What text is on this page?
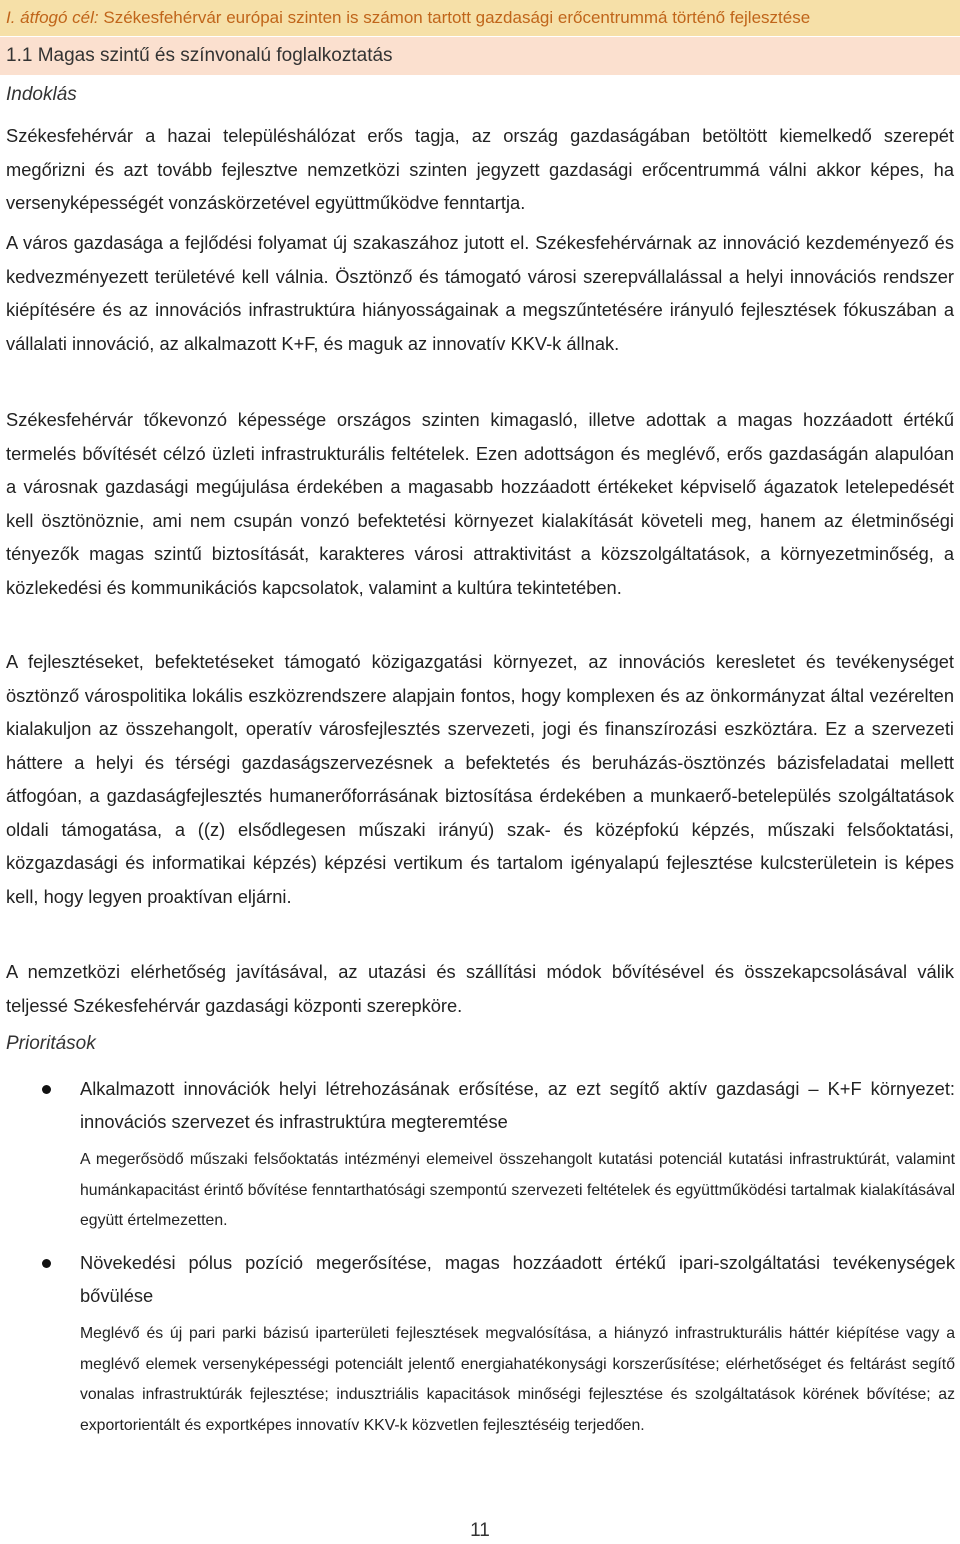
I. átfogó cél:
Székesfehérvár európai szinten is számon tartott gazdasági erőcentrummá történő fejlesztése
1.1 Magas szintű és színvonalú foglalkoztatás
Indoklás

Székesfehérvár a hazai településhálózat erős tagja, az ország gazdaságában betöltött kiemelkedő szerepét megőrizni és azt tovább fejlesztve nemzetközi szinten jegyzett gazdasági erőcentrummá válni akkor képes, ha versenyképességét vonzáskörzetével együttműködve fenntartja.

A város gazdasága a fejlődési folyamat új szakaszához jutott el. Székesfehérvárnak az innováció kezdeményező és kedvezményezett területévé kell válnia. Ösztönző és támogató városi szerepvállalással a helyi innovációs rendszer kiépítésére és az innovációs infrastruktúra hiányosságainak a megszűntetésére irányuló fejlesztések fókuszában a vállalati innováció, az alkalmazott K+F, és maguk az innovatív KKV-k állnak.

Székesfehérvár tőkevonzó képessége országos szinten kimagasló, illetve adottak a magas hozzáadott értékű termelés bővítését célzó üzleti infrastrukturális feltételek. Ezen adottságon és meglévő, erős gazdaságán alapulóan a városnak gazdasági megújulása érdekében a magasabb hozzáadott értékeket képviselő ágazatok letelepedését kell ösztönöznie, ami nem csupán vonzó befektetési környezet kialakítását követeli meg, hanem az életminőségi tényezők magas szintű biztosítását, karakteres városi attraktivitást a közszolgáltatások, a környezetminőség, a közlekedési és kommunikációs kapcsolatok, valamint a kultúra tekintetében.

A fejlesztéseket, befektetéseket támogató közigazgatási környezet, az innovációs keresletet és tevékenységet ösztönző várospolitika lokális eszközrendszere alapjain fontos, hogy komplexen és az önkormányzat által vezérelten kialakuljon az összehangolt, operatív városfejlesztés szervezeti, jogi és finanszírozási eszköztára. Ez a szervezeti háttere a helyi és térségi gazdaságszervezésnek a befektetés és beruházás-ösztönzés bázisfeladatai mellett átfogóan, a gazdaságfejlesztés humanerőforrásának biztosítása érdekében a munkaerő-betelepülés szolgáltatások oldali támogatása, a ((z) elsődlegesen műszaki irányú) szak- és középfokú képzés, műszaki felsőoktatási, közgazdasági és informatikai képzés) képzési vertikum és tartalom igényalapú fejlesztése kulcsterületein is képes kell, hogy legyen proaktívan eljárni.

A nemzetközi elérhetőség javításával, az utazási és szállítási módok bővítésével és összekapcsolásával válik teljessé Székesfehérvár gazdasági központi szerepköre.

Prioritások

Alkalmazott innovációk helyi létrehozásának erősítése, az ezt segítő aktív gazdasági – K+F környezet: innovációs szervezet és infrastruktúra megteremtése

A megerősödő műszaki felsőoktatás intézményi elemeivel összehangolt kutatási potenciál kutatási infrastruktúrát, valamint humánkapacitást érintő bővítése fenntarthatósági szempontú szervezeti feltételek és együttműködési tartalmak kialakításával együtt értelmezetten.

Növekedési pólus pozíció megerősítése, magas hozzáadott értékű ipari-szolgáltatási tevékenységek bővülése

Meglévő és új pari parki bázisú iparterületi fejlesztések megvalósítása, a hiányzó infrastrukturális háttér kiépítése vagy a meglévő elemek versenyképességi potenciált jelentő energiahatékonysági korszerűsítése; elérhetőséget és feltárást segítő vonalas infrastruktúrák fejlesztése; indusztriális kapacitások minőségi fejlesztése és szolgáltatások körének bővítése; az exportorientált és exportképes innovatív KKV-k közvetlen fejlesztéséig terjedően.

11
